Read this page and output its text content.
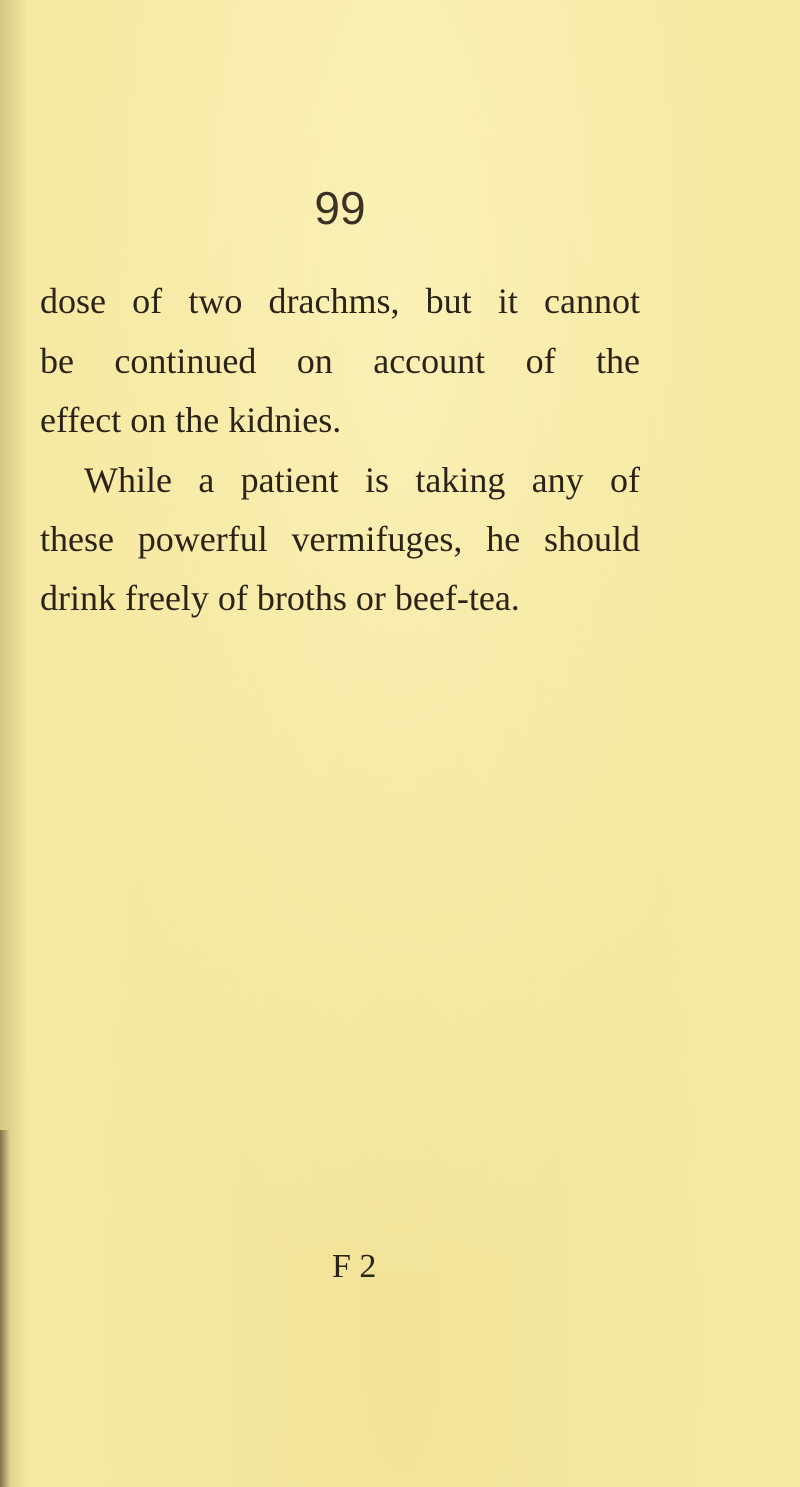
99
dose of two drachms, but it cannot
be continued on account of the
effect on the kidnies.
While a patient is taking any of
these powerful vermifuges, he should
drink freely of broths or beef-tea.
F 2
